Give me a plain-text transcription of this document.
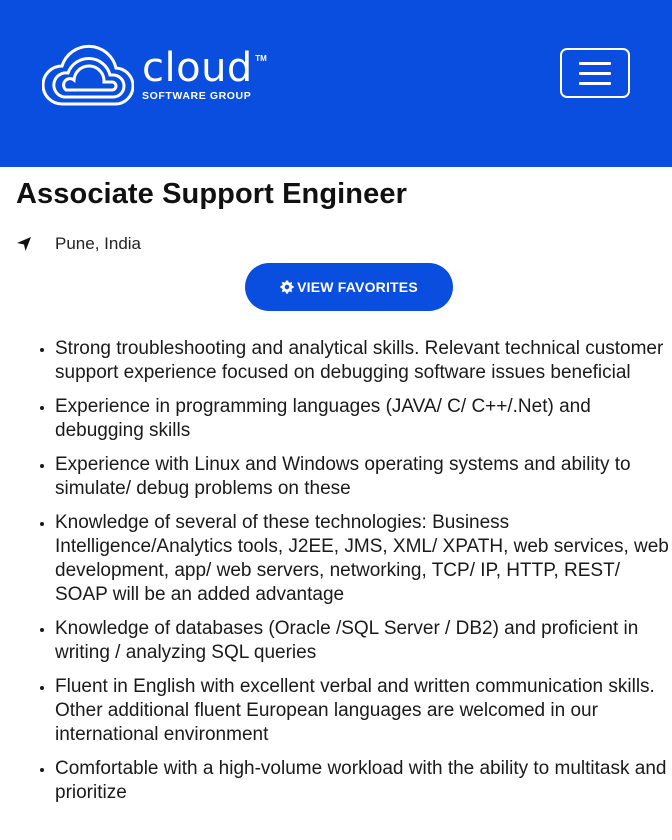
cloud TM
SOFTWARE GROUP
Associate Support Engineer
Pune, India
VIEW FAVORITES
• Strong troubleshooting and analytical skills. Relevant technical customer support experience focused on debugging software issues beneficial
• Experience in programming languages (JAVA/ C/ C++/.Net) and debugging skills
• Experience with Linux and Windows operating systems and ability to simulate/ debug problems on these
• Knowledge of several of these technologies: Business Intelligence/Analytics tools, J2EE, JMS, XML/ XPATH, web services, web development, app/ web servers, networking, TCP/ IP, HTTP, REST/ SOAP will be an added advantage
• Knowledge of databases (Oracle /SQL Server / DB2) and proficient in writing / analyzing SQL queries
• Fluent in English with excellent verbal and written communication skills. Other additional fluent European languages are welcomed in our international environment
• Comfortable with a high-volume workload with the ability to multitask and prioritize
